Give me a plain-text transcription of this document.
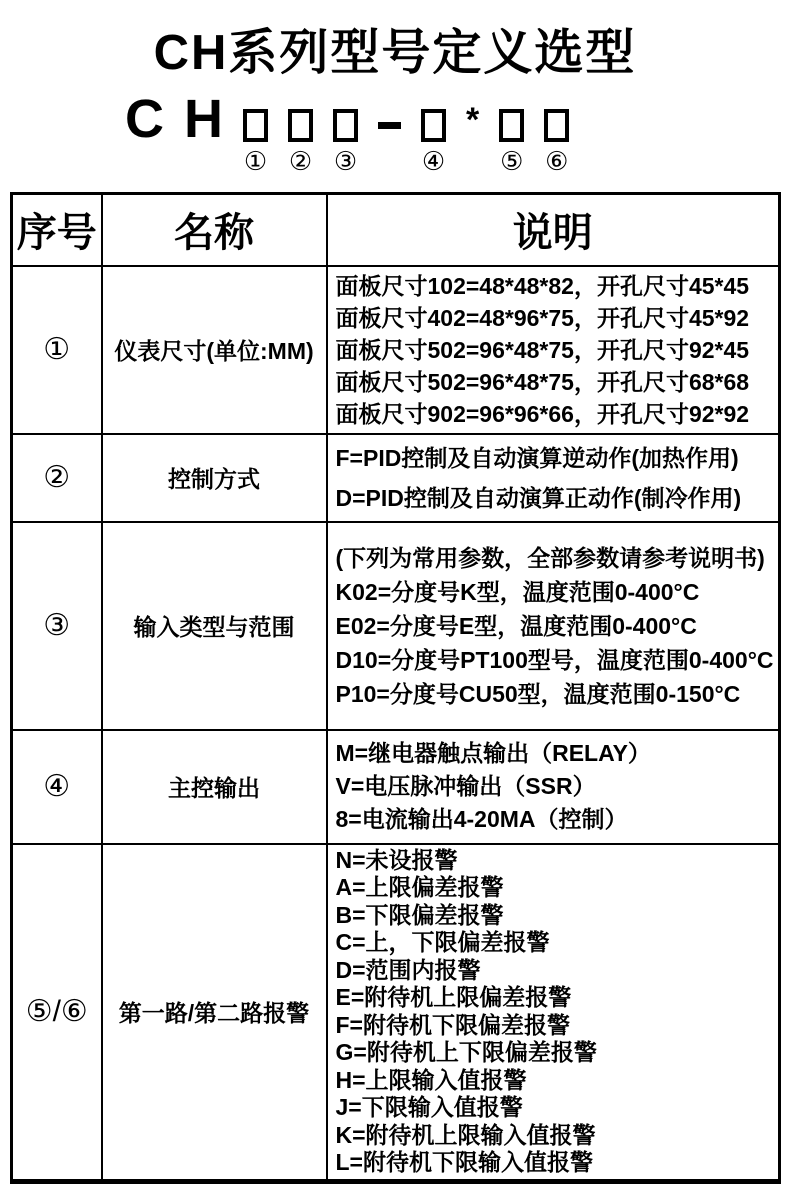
CH系列型号定义选型
C H
① ② ③ ④
*
⑤ ⑥
序号	名称	说明
①	仪表尺寸(单位:MM)	面板尺寸102=48*48*82，开孔尺寸45*45
面板尺寸402=48*96*75，开孔尺寸45*92
面板尺寸502=96*48*75，开孔尺寸92*45
面板尺寸502=96*48*75，开孔尺寸68*68
面板尺寸902=96*96*66，开孔尺寸92*92

②	控制方式	F=PID控制及自动演算逆动作(加热作用)
D=PID控制及自动演算正动作(制冷作用)

③	输入类型与范围	(下列为常用参数，全部参数请参考说明书)
K02=分度号K型，温度范围0-400°C
E02=分度号E型，温度范围0-400°C
D10=分度号PT100型号，温度范围0-400°C
P10=分度号CU50型，温度范围0-150°C

④	主控输出	M=继电器触点输出（RELAY）
V=电压脉冲输出（SSR）
8=电流输出4-20MA（控制）

⑤/⑥	第一路/第二路报警	
N=未设报警
A=上限偏差报警
B=下限偏差报警
C=上，下限偏差报警
D=范围内报警
E=附待机上限偏差报警
F=附待机下限偏差报警
G=附待机上下限偏差报警
H=上限输入值报警
J=下限输入值报警
K=附待机上限输入值报警
L=附待机下限输入值报警
